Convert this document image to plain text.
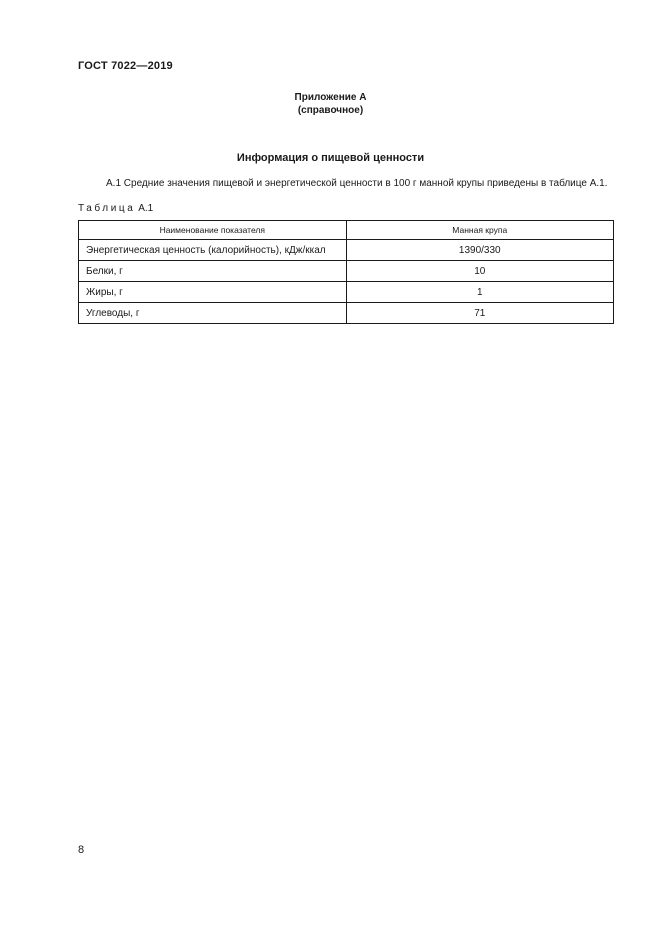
ГОСТ 7022—2019
Приложение А
(справочное)
Информация о пищевой ценности
А.1 Средние значения пищевой и энергетической ценности в 100 г манной крупы приведены в таблице А.1.
Таблица А.1
Наименование показателя	Манная крупа
Энергетическая ценность (калорийность), кДж/ккал	1390/330
Белки, г	10
Жиры, г	1
Углеводы, г	71
8
